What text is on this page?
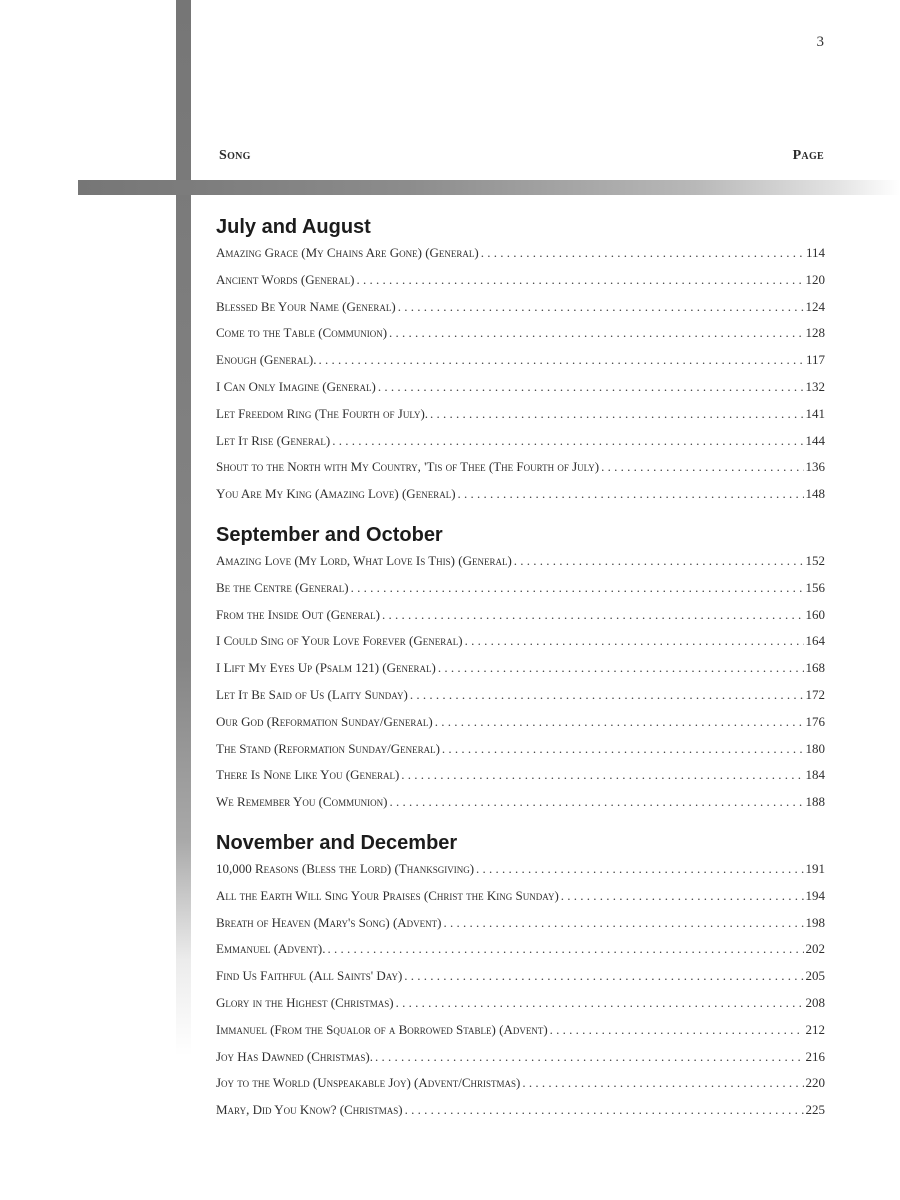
3
Song	Page
July and August
Amazing Grace (My Chains Are Gone) (General) . . .	114
Ancient Words (General) . . .	120
Blessed Be Your Name (General) . . .	124
Come to the Table (Communion) . . .	128
Enough (General). . . .	117
I Can Only Imagine (General) . . .	132
Let Freedom Ring (The Fourth of July). . . .	141
Let It Rise (General) . . .	144
Shout to the North with My Country, 'Tis of Thee (The Fourth of July) . . .	136
You Are My King (Amazing Love) (General) . . .	148
September and October
Amazing Love (My Lord, What Love Is This) (General) . . .	152
Be the Centre (General) . . .	156
From the Inside Out (General) . . .	160
I Could Sing of Your Love Forever (General) . . .	164
I Lift My Eyes Up (Psalm 121) (General) . . .	168
Let It Be Said of Us (Laity Sunday) . . .	172
Our God (Reformation Sunday/General) . . .	176
The Stand (Reformation Sunday/General) . . .	180
There Is None Like You (General) . . .	184
We Remember You (Communion) . . .	188
November and December
10,000 Reasons (Bless the Lord) (Thanksgiving) . . .	191
All the Earth Will Sing Your Praises (Christ the King Sunday) . . .	194
Breath of Heaven (Mary's Song) (Advent) . . .	198
Emmanuel (Advent). . . .	202
Find Us Faithful (All Saints' Day) . . .	205
Glory in the Highest (Christmas) . . .	208
Immanuel (From the Squalor of a Borrowed Stable) (Advent) . . .	212
Joy Has Dawned (Christmas). . . .	216
Joy to the World (Unspeakable Joy) (Advent/Christmas) . . .	220
Mary, Did You Know? (Christmas) . . .	225
